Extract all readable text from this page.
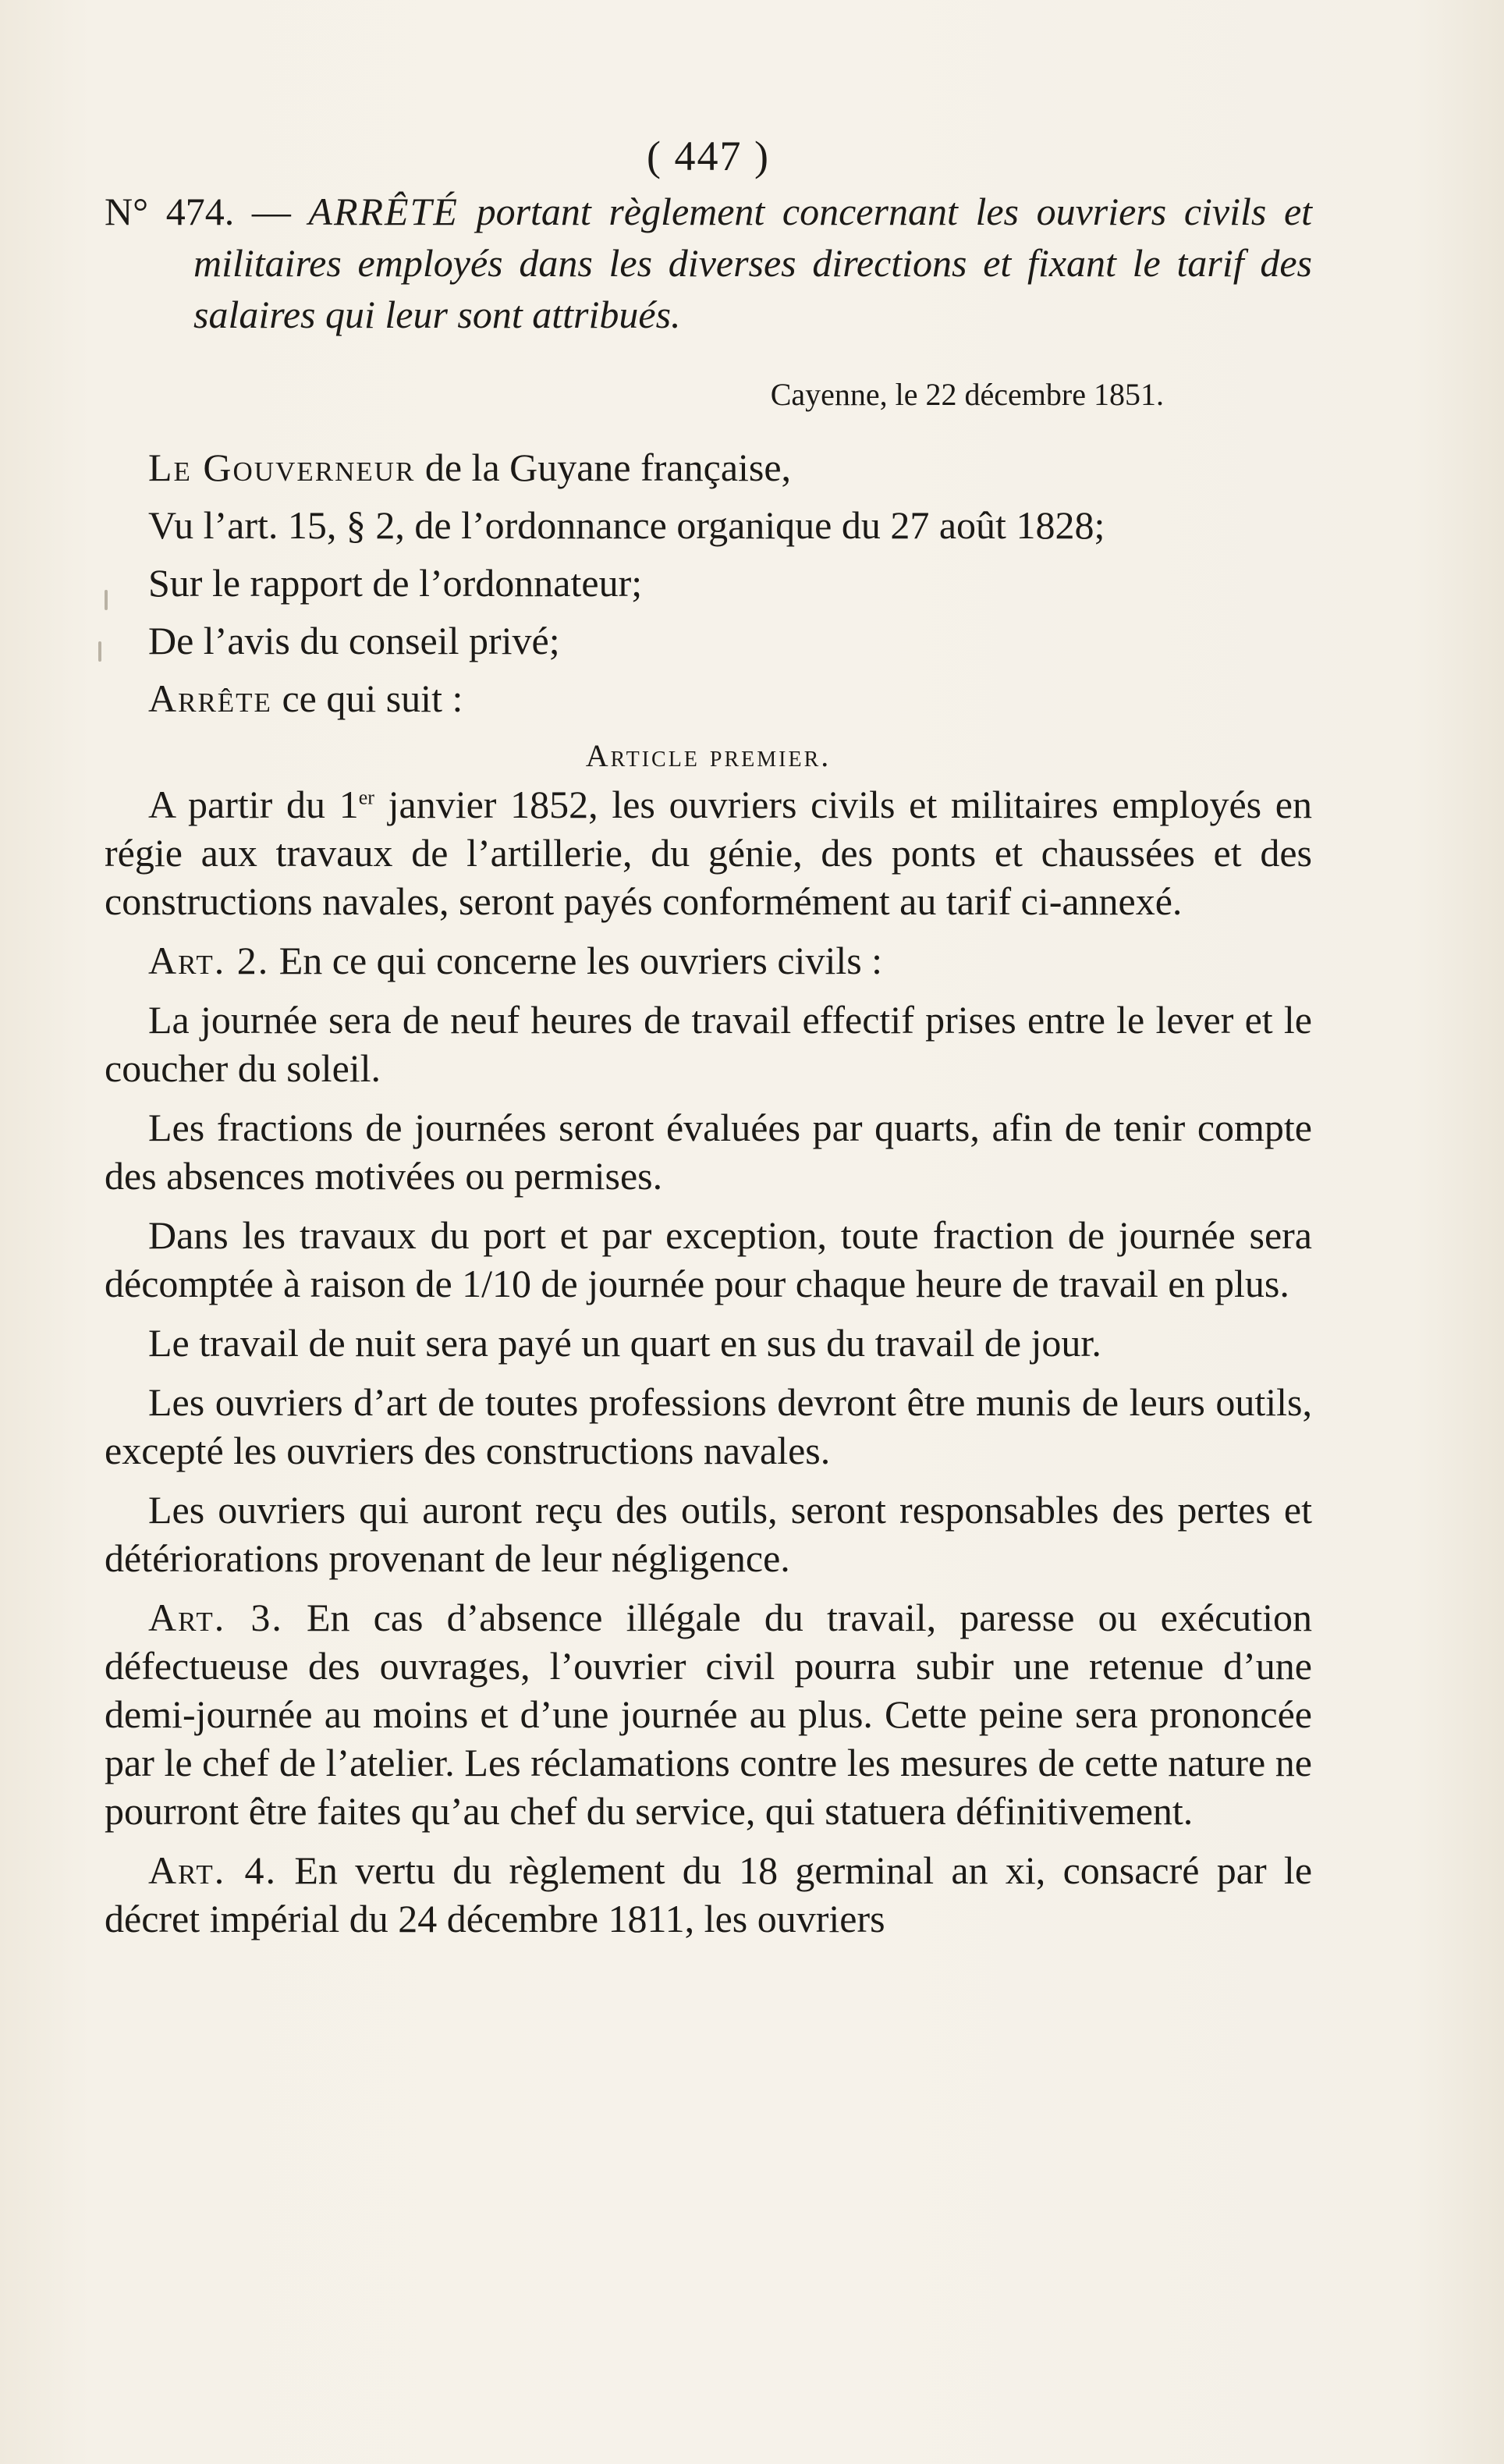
( 447 )
N° 474. — ARRÊTÉ portant règlement concernant les ouvriers civils et militaires employés dans les diverses directions et fixant le tarif des salaires qui leur sont attribués.
Cayenne, le 22 décembre 1851.
Le Gouverneur de la Guyane française,
Vu l’art. 15, § 2, de l’ordonnance organique du 27 août 1828;
Sur le rapport de l’ordonnateur;
De l’avis du conseil privé;
Arrête ce qui suit :
Article premier.

A partir du 1er janvier 1852, les ouvriers civils et militaires employés en régie aux travaux de l’artillerie, du génie, des ponts et chaussées et des constructions navales, seront payés conformément au tarif ci-annexé.

Art. 2. En ce qui concerne les ouvriers civils :

La journée sera de neuf heures de travail effectif prises entre le lever et le coucher du soleil.

Les fractions de journées seront évaluées par quarts, afin de tenir compte des absences motivées ou permises.

Dans les travaux du port et par exception, toute fraction de journée sera décomptée à raison de 1/10 de journée pour chaque heure de travail en plus.

Le travail de nuit sera payé un quart en sus du travail de jour.

Les ouvriers d’art de toutes professions devront être munis de leurs outils, excepté les ouvriers des constructions navales.

Les ouvriers qui auront reçu des outils, seront responsables des pertes et détériorations provenant de leur négligence.

Art. 3. En cas d’absence illégale du travail, paresse ou exécution défectueuse des ouvrages, l’ouvrier civil pourra subir une retenue d’une demi-journée au moins et d’une journée au plus. Cette peine sera prononcée par le chef de l’atelier. Les réclamations contre les mesures de cette nature ne pourront être faites qu’au chef du service, qui statuera définitivement.

Art. 4. En vertu du règlement du 18 germinal an xi, consacré par le décret impérial du 24 décembre 1811, les ouvriers
